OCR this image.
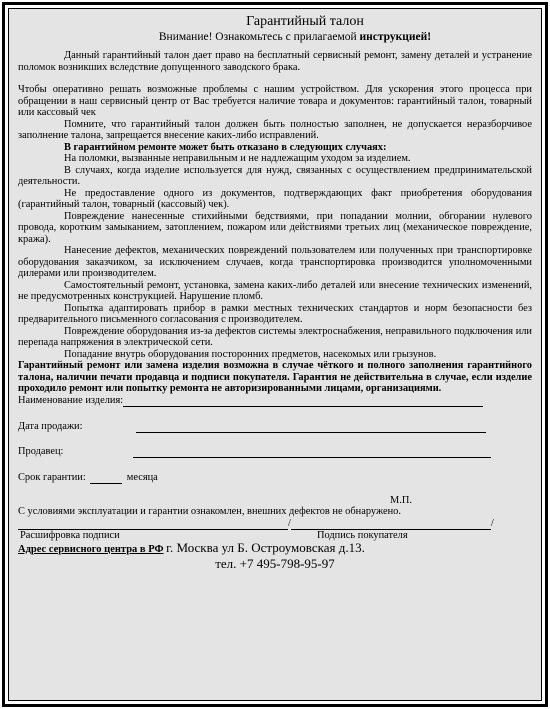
Гарантийный талон
Внимание! Ознакомьтесь с прилагаемой инструкцией!

Данный гарантийный талон дает право на бесплатный сервисный ремонт, замену деталей и устранение поломок возникших вследствие допущенного заводского брака.

Чтобы оперативно решать возможные проблемы с нашим устройством. Для ускорения этого процесса при обращении в наш сервисный центр от Вас требуется наличие товара и документов: гарантийный талон, товарный или кассовый чек

Помните, что гарантийный талон должен быть полностью заполнен, не допускается неразборчивое заполнение талона, запрещается внесение каких-либо исправлений.

В гарантийном ремонте может быть отказано в следующих случаях:

На поломки, вызванные неправильным и не надлежащим уходом за изделием.

В случаях, когда изделие используется для нужд, связанных с осуществлением предпринимательской деятельности.

Не предоставление одного из документов, подтверждающих факт приобретения оборудования (гарантийный талон, товарный (кассовый) чек).

Повреждение нанесенные стихийными бедствиями, при попадании молнии, обгорании нулевого провода, коротким замыканием, затоплением, пожаром или действиями третьих лиц (механическое повреждение, кража).

Нанесение дефектов, механических повреждений пользователем или полученных при транспортировке оборудования заказчиком, за исключением случаев, когда транспортировка производится уполномоченными дилерами или производителем.

Самостоятельный ремонт, установка, замена каких-либо деталей или внесение технических изменений, не предусмотренных конструкцией. Нарушение пломб.

Попытка адаптировать прибор в рамки местных технических стандартов и норм безопасности без предварительного письменного согласования с производителем.

Повреждение оборудования из-за дефектов системы электроснабжения, неправильного подключения или перепада напряжения в электрической сети.

Попадание внутрь оборудования посторонних предметов, насекомых или грызунов.

Гарантийный ремонт или замена изделия возможна в случае чёткого и полного заполнения гарантийного талона, наличии печати продавца и подписи покупателя. Гарантия не действительна в случае, если изделие проходило ремонт или попытку ремонта не авторизированными лицами, организациями.

Наименование изделия:
Дата продажи:
Продавец:
Срок гарантии:	месяца
М.П.
С условиями эксплуатации и гарантии ознакомлен, внешних дефектов не обнаружено.
/	/
Расшифровка подписи	Подпись покупателя
Адрес сервисного центра в РФ г. Москва ул Б. Остроумовская д.13.
тел. +7 495-798-95-97
